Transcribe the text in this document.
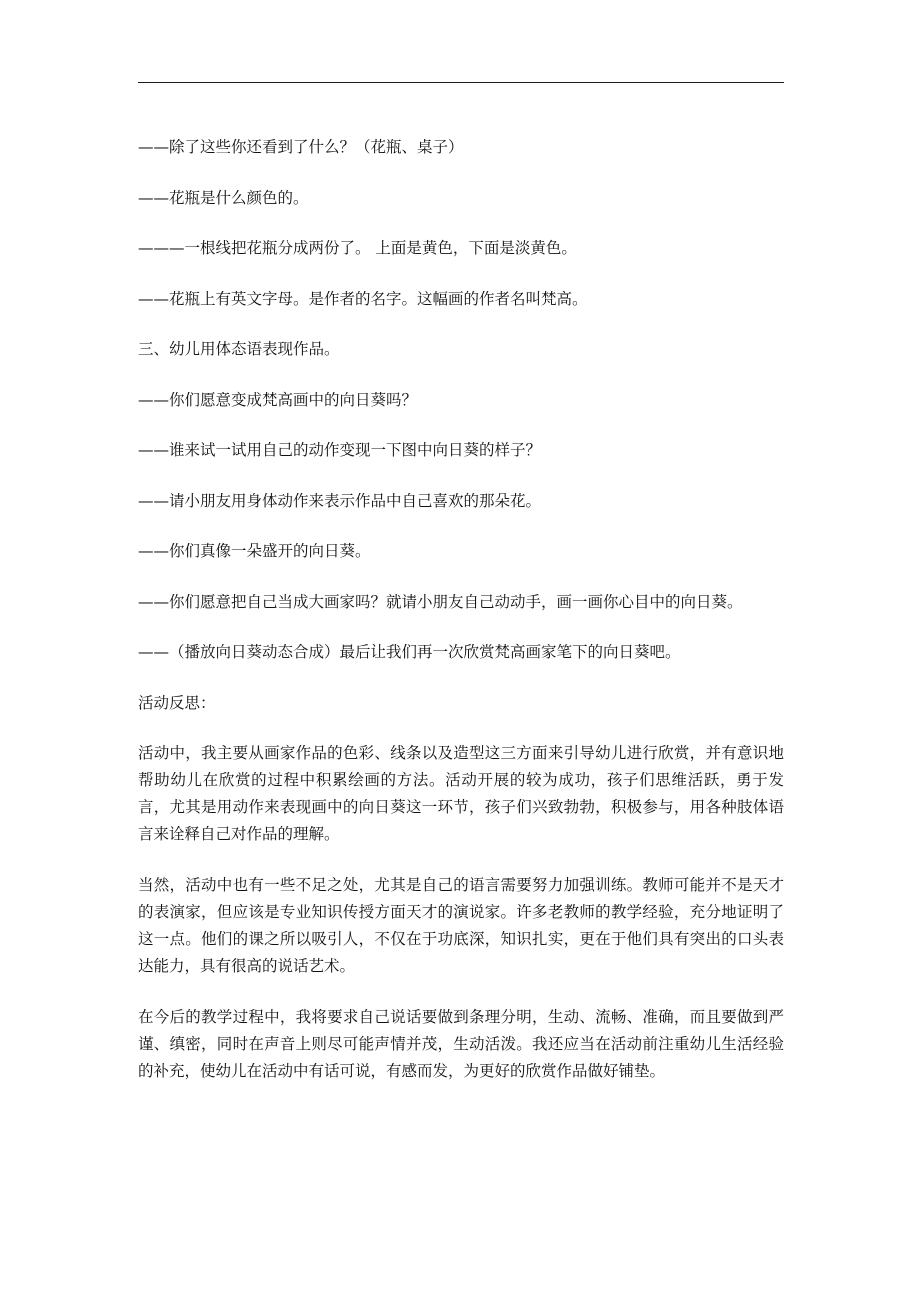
——除了这些你还看到了什么？（花瓶、桌子）

——花瓶是什么颜色的。

———一根线把花瓶分成两份了。 上面是黄色，下面是淡黄色。

——花瓶上有英文字母。是作者的名字。这幅画的作者名叫梵高。

三、幼儿用体态语表现作品。

——你们愿意变成梵高画中的向日葵吗？

——谁来试一试用自己的动作变现一下图中向日葵的样子？

——请小朋友用身体动作来表示作品中自己喜欢的那朵花。

——你们真像一朵盛开的向日葵。

——你们愿意把自己当成大画家吗？就请小朋友自己动动手，画一画你心目中的向日葵。

——（播放向日葵动态合成）最后让我们再一次欣赏梵高画家笔下的向日葵吧。

活动反思：

活动中，我主要从画家作品的色彩、线条以及造型这三方面来引导幼儿进行欣赏，并有意识地帮助幼儿在欣赏的过程中积累绘画的方法。活动开展的较为成功，孩子们思维活跃，勇于发言，尤其是用动作来表现画中的向日葵这一环节，孩子们兴致勃勃，积极参与，用各种肢体语言来诠释自己对作品的理解。

当然，活动中也有一些不足之处，尤其是自己的语言需要努力加强训练。教师可能并不是天才的表演家，但应该是专业知识传授方面天才的演说家。许多老教师的教学经验，充分地证明了这一点。他们的课之所以吸引人，不仅在于功底深，知识扎实，更在于他们具有突出的口头表达能力，具有很高的说话艺术。

在今后的教学过程中，我将要求自己说话要做到条理分明，生动、流畅、准确，而且要做到严谨、缜密，同时在声音上则尽可能声情并茂，生动活泼。我还应当在活动前注重幼儿生活经验的补充，使幼儿在活动中有话可说，有感而发，为更好的欣赏作品做好铺垫。
